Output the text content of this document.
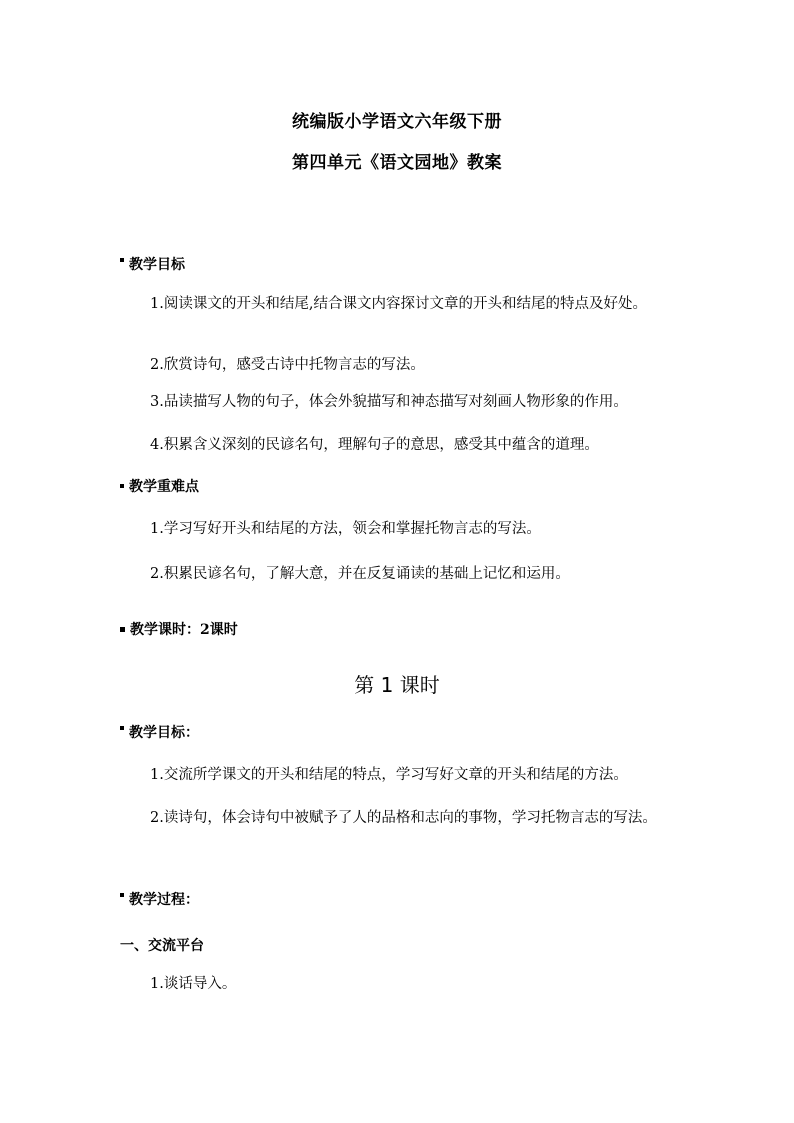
统编版小学语文六年级下册
第四单元《语文园地》教案
教学目标
1.阅读课文的开头和结尾,结合课文内容探讨文章的开头和结尾的特点及好处。
2.欣赏诗句，感受古诗中托物言志的写法。
3.品读描写人物的句子，体会外貌描写和神态描写对刻画人物形象的作用。
4.积累含义深刻的民谚名句，理解句子的意思，感受其中蕴含的道理。
教学重难点
1.学习写好开头和结尾的方法，领会和掌握托物言志的写法。
2.积累民谚名句，了解大意，并在反复诵读的基础上记忆和运用。
教学课时：2课时
第 1 课时
教学目标：
1.交流所学课文的开头和结尾的特点，学习写好文章的开头和结尾的方法。
2.读诗句，体会诗句中被赋予了人的品格和志向的事物，学习托物言志的写法。
教学过程：
一、交流平台
1.谈话导入。
